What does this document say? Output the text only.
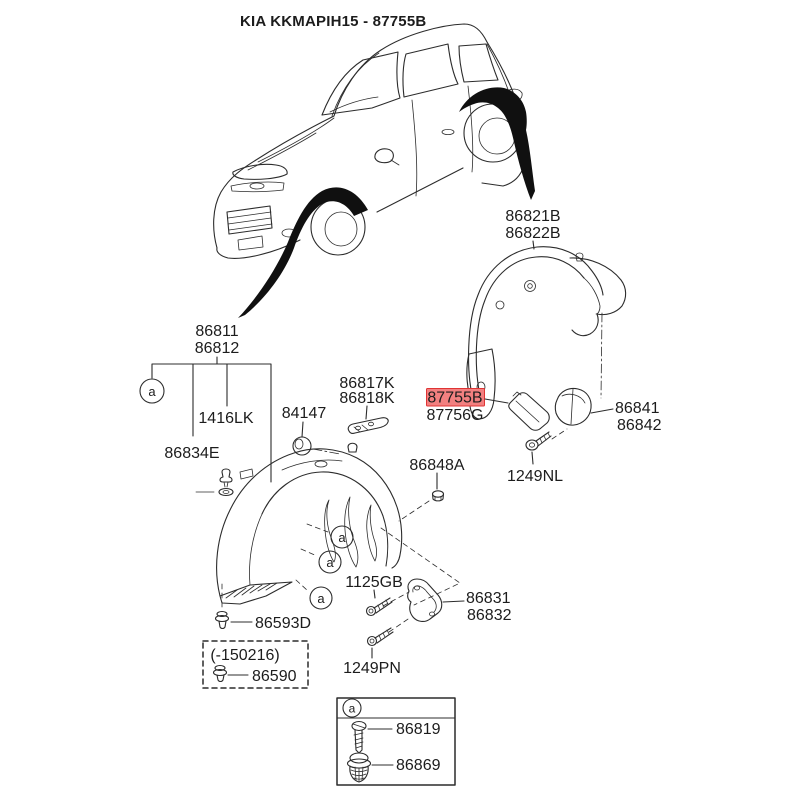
KIA KKMAPIH15 - 87755B
86821B
86822B
86811
86812
a
1416LK
86834E
84147
86817K
86818K 87755B
87756G	86841
86842
1249NL
86848A
a
a
a
86593D
(-150216)
86590
1125GB
86831
86832
1249PN
a
86819
86869
